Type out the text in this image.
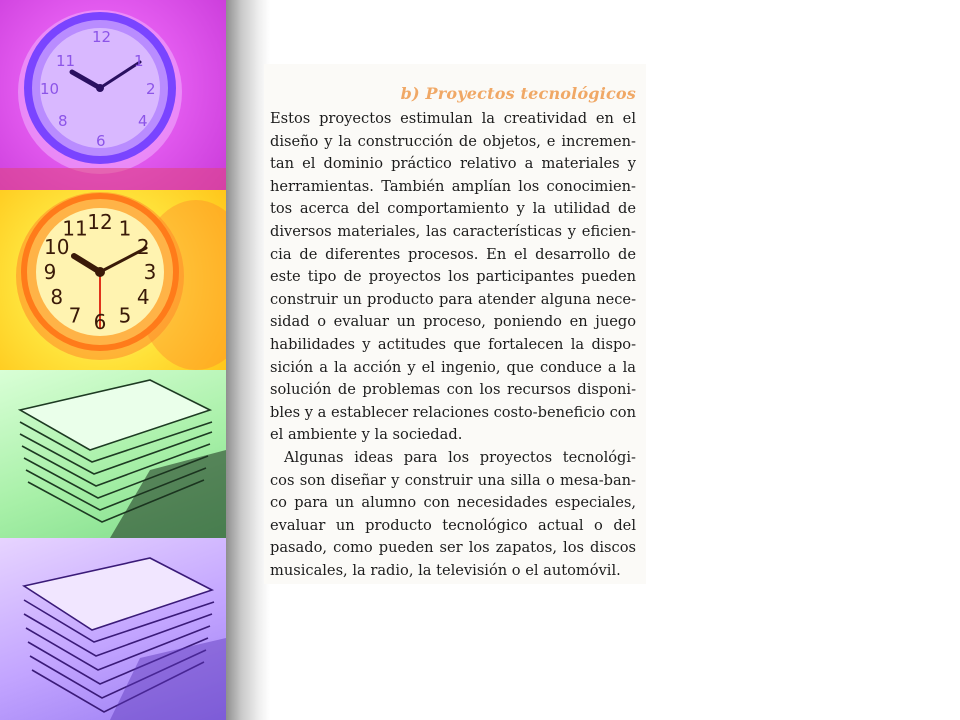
12
11
10
1
2
8	4
6
12 1
2
3
4
5
6
7
8
9
10
11
b) Proyectos tecnológicos
Estos proyectos estimulan la creatividad en el
diseño y la construcción de objetos, e incremen-
tan el dominio práctico relativo a materiales y
herramientas. También amplían los conocimien-
tos acerca del comportamiento y la utilidad de
diversos materiales, las características y eficien-
cia de diferentes procesos. En el desarrollo de
este tipo de proyectos los participantes pueden
construir un producto para atender alguna nece-
sidad o evaluar un proceso, poniendo en juego
habilidades y actitudes que fortalecen la dispo-
sición a la acción y el ingenio, que conduce a la
solución de problemas con los recursos disponi-
bles y a establecer relaciones costo-beneficio con
el ambiente y la sociedad.
Algunas ideas para los proyectos tecnológi-
cos son diseñar y construir una silla o mesa-ban-
co para un alumno con necesidades especiales,
evaluar un producto tecnológico actual o del
pasado, como pueden ser los zapatos, los discos
musicales, la radio, la televisión o el automóvil.
